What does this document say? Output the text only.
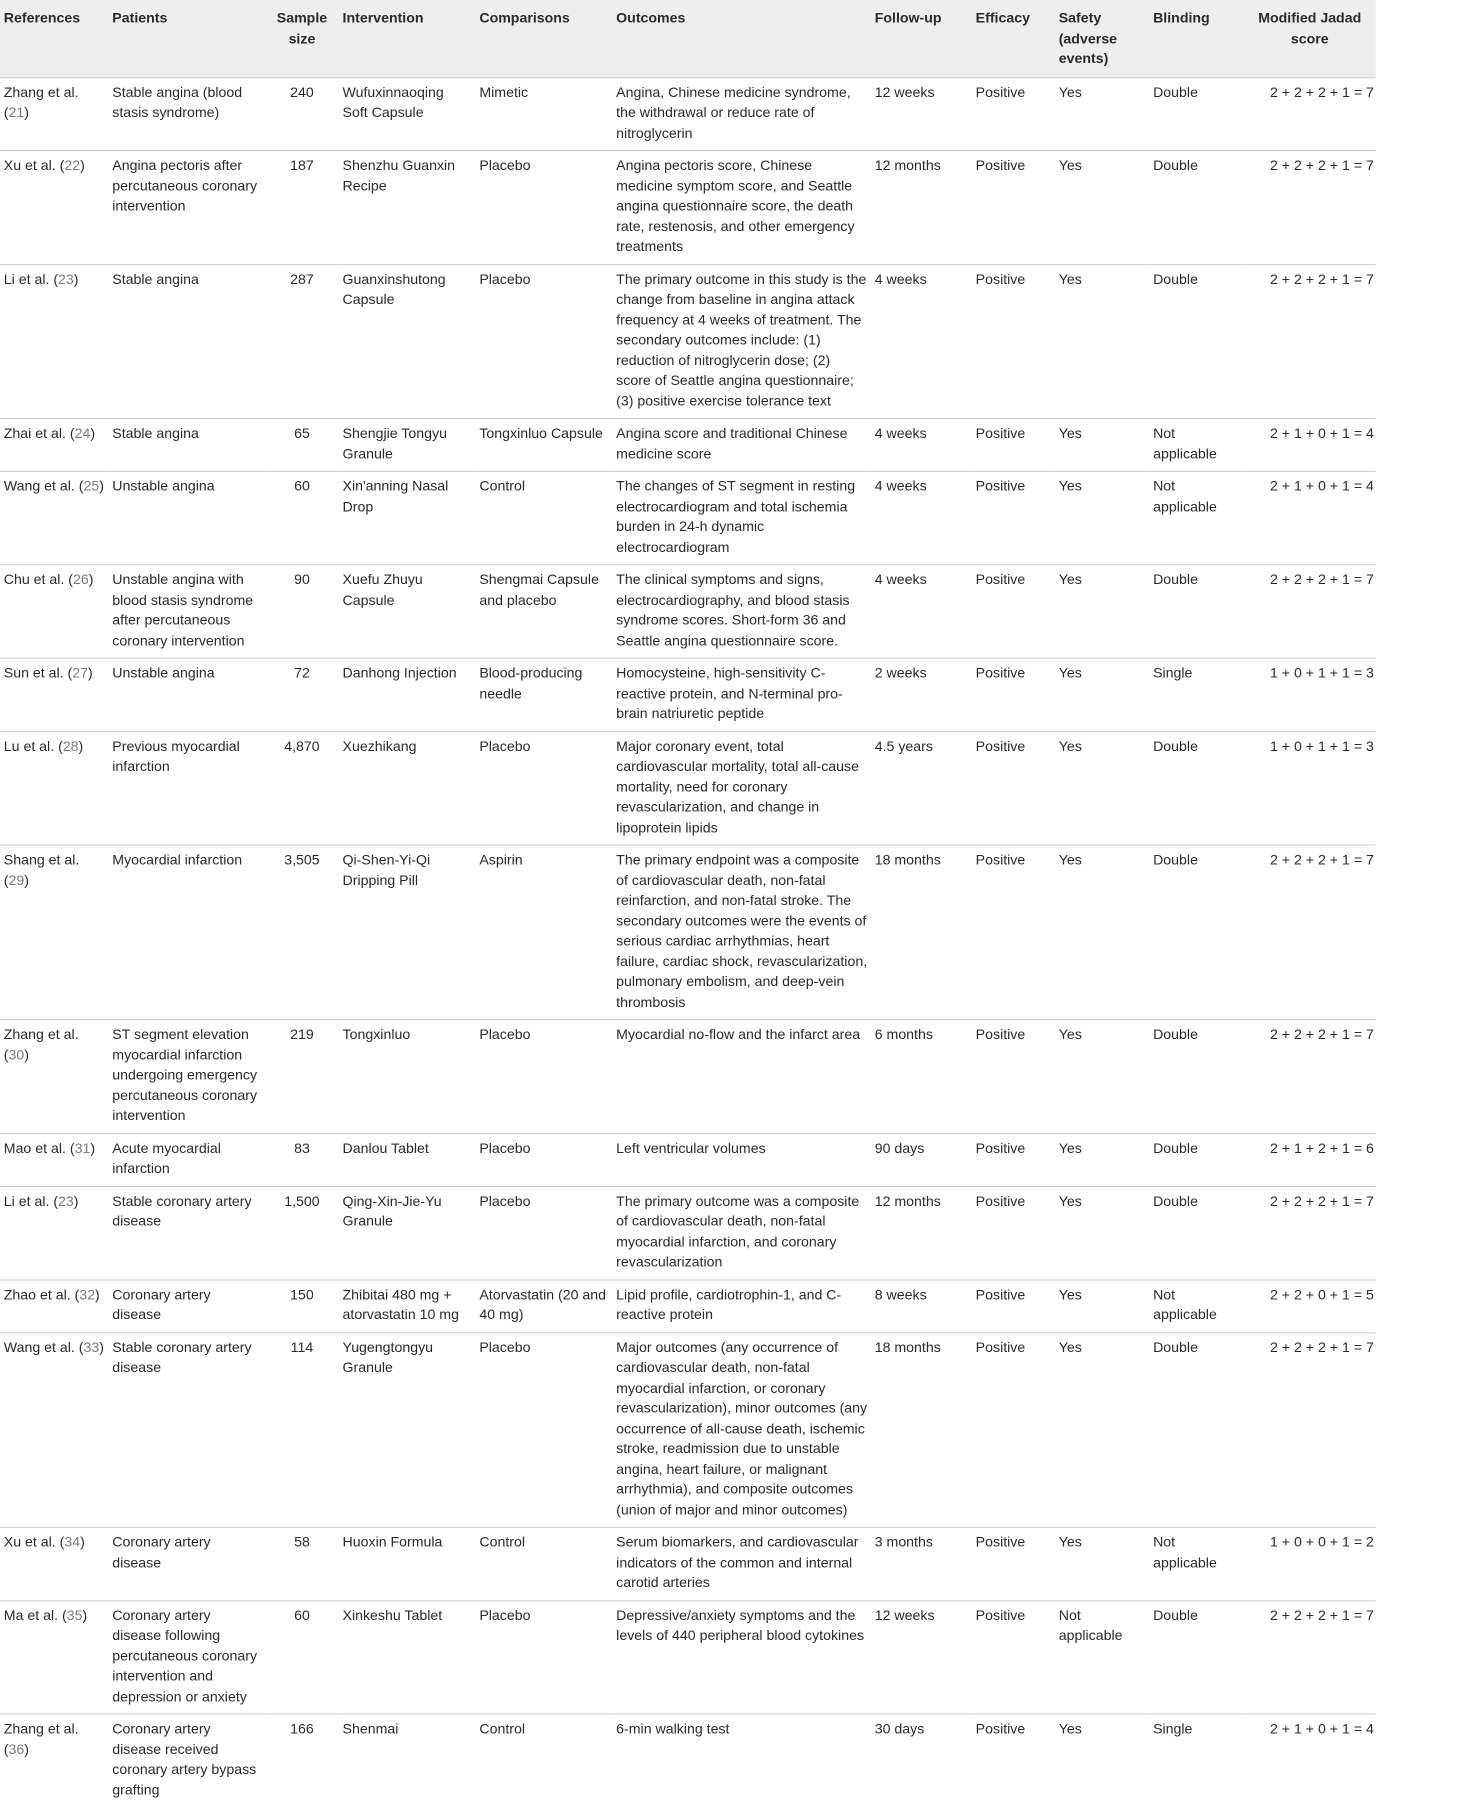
References	Patients	Sample size	Intervention	Comparisons	Outcomes	Follow-up	Efficacy	Safety (adverse events)	Blinding	Modified Jadad score
Zhang et al. (21)	Stable angina (blood stasis syndrome)	240	Wufuxinnaoqing Soft Capsule	Mimetic	Angina, Chinese medicine syndrome, the withdrawal or reduce rate of nitroglycerin	12 weeks	Positive	Yes	Double	2 + 2 + 2 + 1 = 7
Xu et al. (22)	Angina pectoris after percutaneous coronary intervention	187	Shenzhu Guanxin Recipe	Placebo	Angina pectoris score, Chinese medicine symptom score, and Seattle angina questionnaire score, the death rate, restenosis, and other emergency treatments	12 months	Positive	Yes	Double	2 + 2 + 2 + 1 = 7
Li et al. (23)	Stable angina	287	Guanxinshutong Capsule	Placebo	The primary outcome in this study is the change from baseline in angina attack frequency at 4 weeks of treatment. The secondary outcomes include: (1) reduction of nitroglycerin dose; (2) score of Seattle angina questionnaire; (3) positive exercise tolerance text	4 weeks	Positive	Yes	Double	2 + 2 + 2 + 1 = 7
Zhai et al. (24)	Stable angina	65	Shengjie Tongyu Granule	Tongxinluo Capsule	Angina score and traditional Chinese medicine score	4 weeks	Positive	Yes	Not applicable	2 + 1 + 0 + 1 = 4
Wang et al. (25)	Unstable angina	60	Xin'anning Nasal Drop	Control	The changes of ST segment in resting electrocardiogram and total ischemia burden in 24-h dynamic electrocardiogram	4 weeks	Positive	Yes	Not applicable	2 + 1 + 0 + 1 = 4
Chu et al. (26)	Unstable angina with blood stasis syndrome after percutaneous coronary intervention	90	Xuefu Zhuyu Capsule	Shengmai Capsule and placebo	The clinical symptoms and signs, electrocardiography, and blood stasis syndrome scores. Short-form 36 and Seattle angina questionnaire score.	4 weeks	Positive	Yes	Double	2 + 2 + 2 + 1 = 7
Sun et al. (27)	Unstable angina	72	Danhong Injection	Blood-producing needle	Homocysteine, high-sensitivity C-reactive protein, and N-terminal pro-brain natriuretic peptide	2 weeks	Positive	Yes	Single	1 + 0 + 1 + 1 = 3
Lu et al. (28)	Previous myocardial infarction	4,870	Xuezhikang	Placebo	Major coronary event, total cardiovascular mortality, total all-cause mortality, need for coronary revascularization, and change in lipoprotein lipids	4.5 years	Positive	Yes	Double	1 + 0 + 1 + 1 = 3
Shang et al. (29)	Myocardial infarction	3,505	Qi-Shen-Yi-Qi Dripping Pill	Aspirin	The primary endpoint was a composite of cardiovascular death, non-fatal reinfarction, and non-fatal stroke. The secondary outcomes were the events of serious cardiac arrhythmias, heart failure, cardiac shock, revascularization, pulmonary embolism, and deep-vein thrombosis	18 months	Positive	Yes	Double	2 + 2 + 2 + 1 = 7
Zhang et al. (30)	ST segment elevation myocardial infarction undergoing emergency percutaneous coronary intervention	219	Tongxinluo	Placebo	Myocardial no-flow and the infarct area	6 months	Positive	Yes	Double	2 + 2 + 2 + 1 = 7
Mao et al. (31)	Acute myocardial infarction	83	Danlou Tablet	Placebo	Left ventricular volumes	90 days	Positive	Yes	Double	2 + 1 + 2 + 1 = 6
Li et al. (23)	Stable coronary artery disease	1,500	Qing-Xin-Jie-Yu Granule	Placebo	The primary outcome was a composite of cardiovascular death, non-fatal myocardial infarction, and coronary revascularization	12 months	Positive	Yes	Double	2 + 2 + 2 + 1 = 7
Zhao et al. (32)	Coronary artery disease	150	Zhibitai 480 mg + atorvastatin 10 mg	Atorvastatin (20 and 40 mg)	Lipid profile, cardiotrophin-1, and C-reactive protein	8 weeks	Positive	Yes	Not applicable	2 + 2 + 0 + 1 = 5
Wang et al. (33)	Stable coronary artery disease	114	Yugengtongyu Granule	Placebo	Major outcomes (any occurrence of cardiovascular death, non-fatal myocardial infarction, or coronary revascularization), minor outcomes (any occurrence of all-cause death, ischemic stroke, readmission due to unstable angina, heart failure, or malignant arrhythmia), and composite outcomes (union of major and minor outcomes)	18 months	Positive	Yes	Double	2 + 2 + 2 + 1 = 7
Xu et al. (34)	Coronary artery disease	58	Huoxin Formula	Control	Serum biomarkers, and cardiovascular indicators of the common and internal carotid arteries	3 months	Positive	Yes	Not applicable	1 + 0 + 0 + 1 = 2
Ma et al. (35)	Coronary artery disease following percutaneous coronary intervention and depression or anxiety	60	Xinkeshu Tablet	Placebo	Depressive/anxiety symptoms and the levels of 440 peripheral blood cytokines	12 weeks	Positive	Not applicable	Double	2 + 2 + 2 + 1 = 7
Zhang et al. (36)	Coronary artery disease received coronary artery bypass grafting	166	Shenmai	Control	6-min walking test	30 days	Positive	Yes	Single	2 + 1 + 0 + 1 = 4
